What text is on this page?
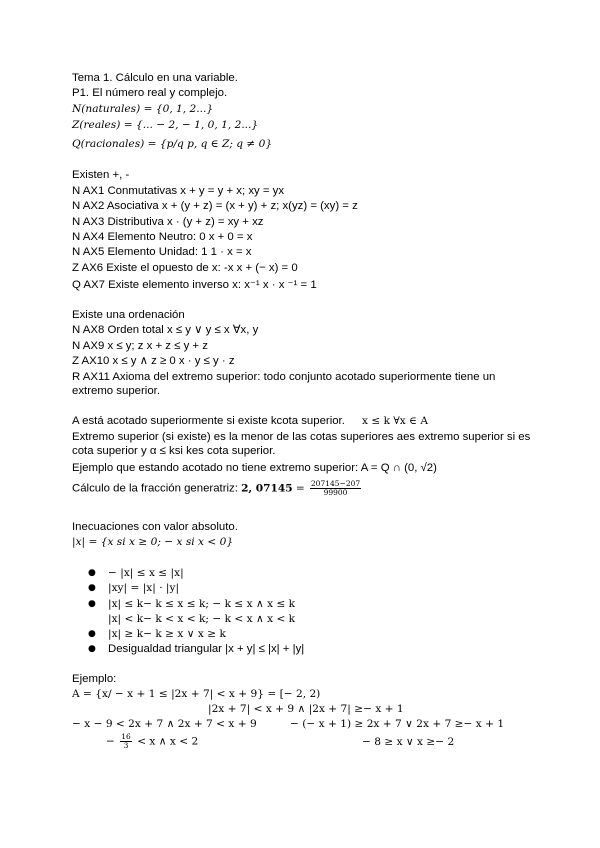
Tema 1. Cálculo en una variable.
P1. El número real y complejo.
N(naturales) = {0, 1, 2...}
Z(reales) = {... − 2, − 1, 0, 1, 2...}
Q(racionales) = {p/q p, q ∈ Z; q ≠ 0}
Existen +, -
N AX1 Conmutativas x + y = y + x; xy = yx
N AX2 Asociativa x + (y + z) = (x + y) + z; x(yz) = (xy) = z
N AX3 Distributiva x · (y + z) = xy + xz
N AX4 Elemento Neutro: 0 x + 0 = x
N AX5 Elemento Unidad: 1 1 · x = x
Z AX6 Existe el opuesto de x: -x x + (− x) = 0
Q AX7 Existe elemento inverso x: x⁻¹ x · x ⁻¹ = 1
Existe una ordenación
N AX8 Orden total x ≤ y ∨ y ≤ x ∀x, y
N AX9 x ≤ y; z x + z ≤ y + z
Z AX10 x ≤ y ∧ z ≥ 0 x · y ≤ y · z
R AX11 Axioma del extremo superior: todo conjunto acotado superiormente tiene un
extremo superior.
A está acotado superiormente si existe kcota superior. x ≤ k ∀x ∈ A
Extremo superior (si existe) es la menor de las cotas superiores aes extremo superior si es
cota superior y α ≤ ksi kes cota superior.
Ejemplo que estando acotado no tiene extremo superior: A = Q ∩ (0, √2)
Cálculo de la fracción generatriz: 2, $07145 = \frac{207145-207}{99900}$
Inecuaciones con valor absoluto.
|x| = {x si x ≥ 0; − x si x < 0}
● − |x| ≤ x ≤ |x|
● |xy| = |x| · |y|
● |x| ≤ k− k ≤ x ≤ k; − k ≤ x ∧ x ≤ k
|x| < k− k < x < k; − k < x ∧ x < k
● |x| ≥ k− k ≥ x ∨ x ≥ k
● Desigualdad triangular |x + y| ≤ |x| + |y|
Ejemplo:
A = {x/ − x + 1 ≤ |2x + 7| < x + 9} = [− 2, 2)
|2x + 7| < x + 9 ∧ |2x + 7| ≥− x + 1
− x − 9 < 2x + 7 ∧ 2x + 7 < x + 9	− (− x + 1) ≥ 2x + 7 ∨ 2x + 7 ≥− x + 1
− $\frac{16}{3} < x$ ∧ x < 2	− 8 ≥ x ∨ x ≥− 2
